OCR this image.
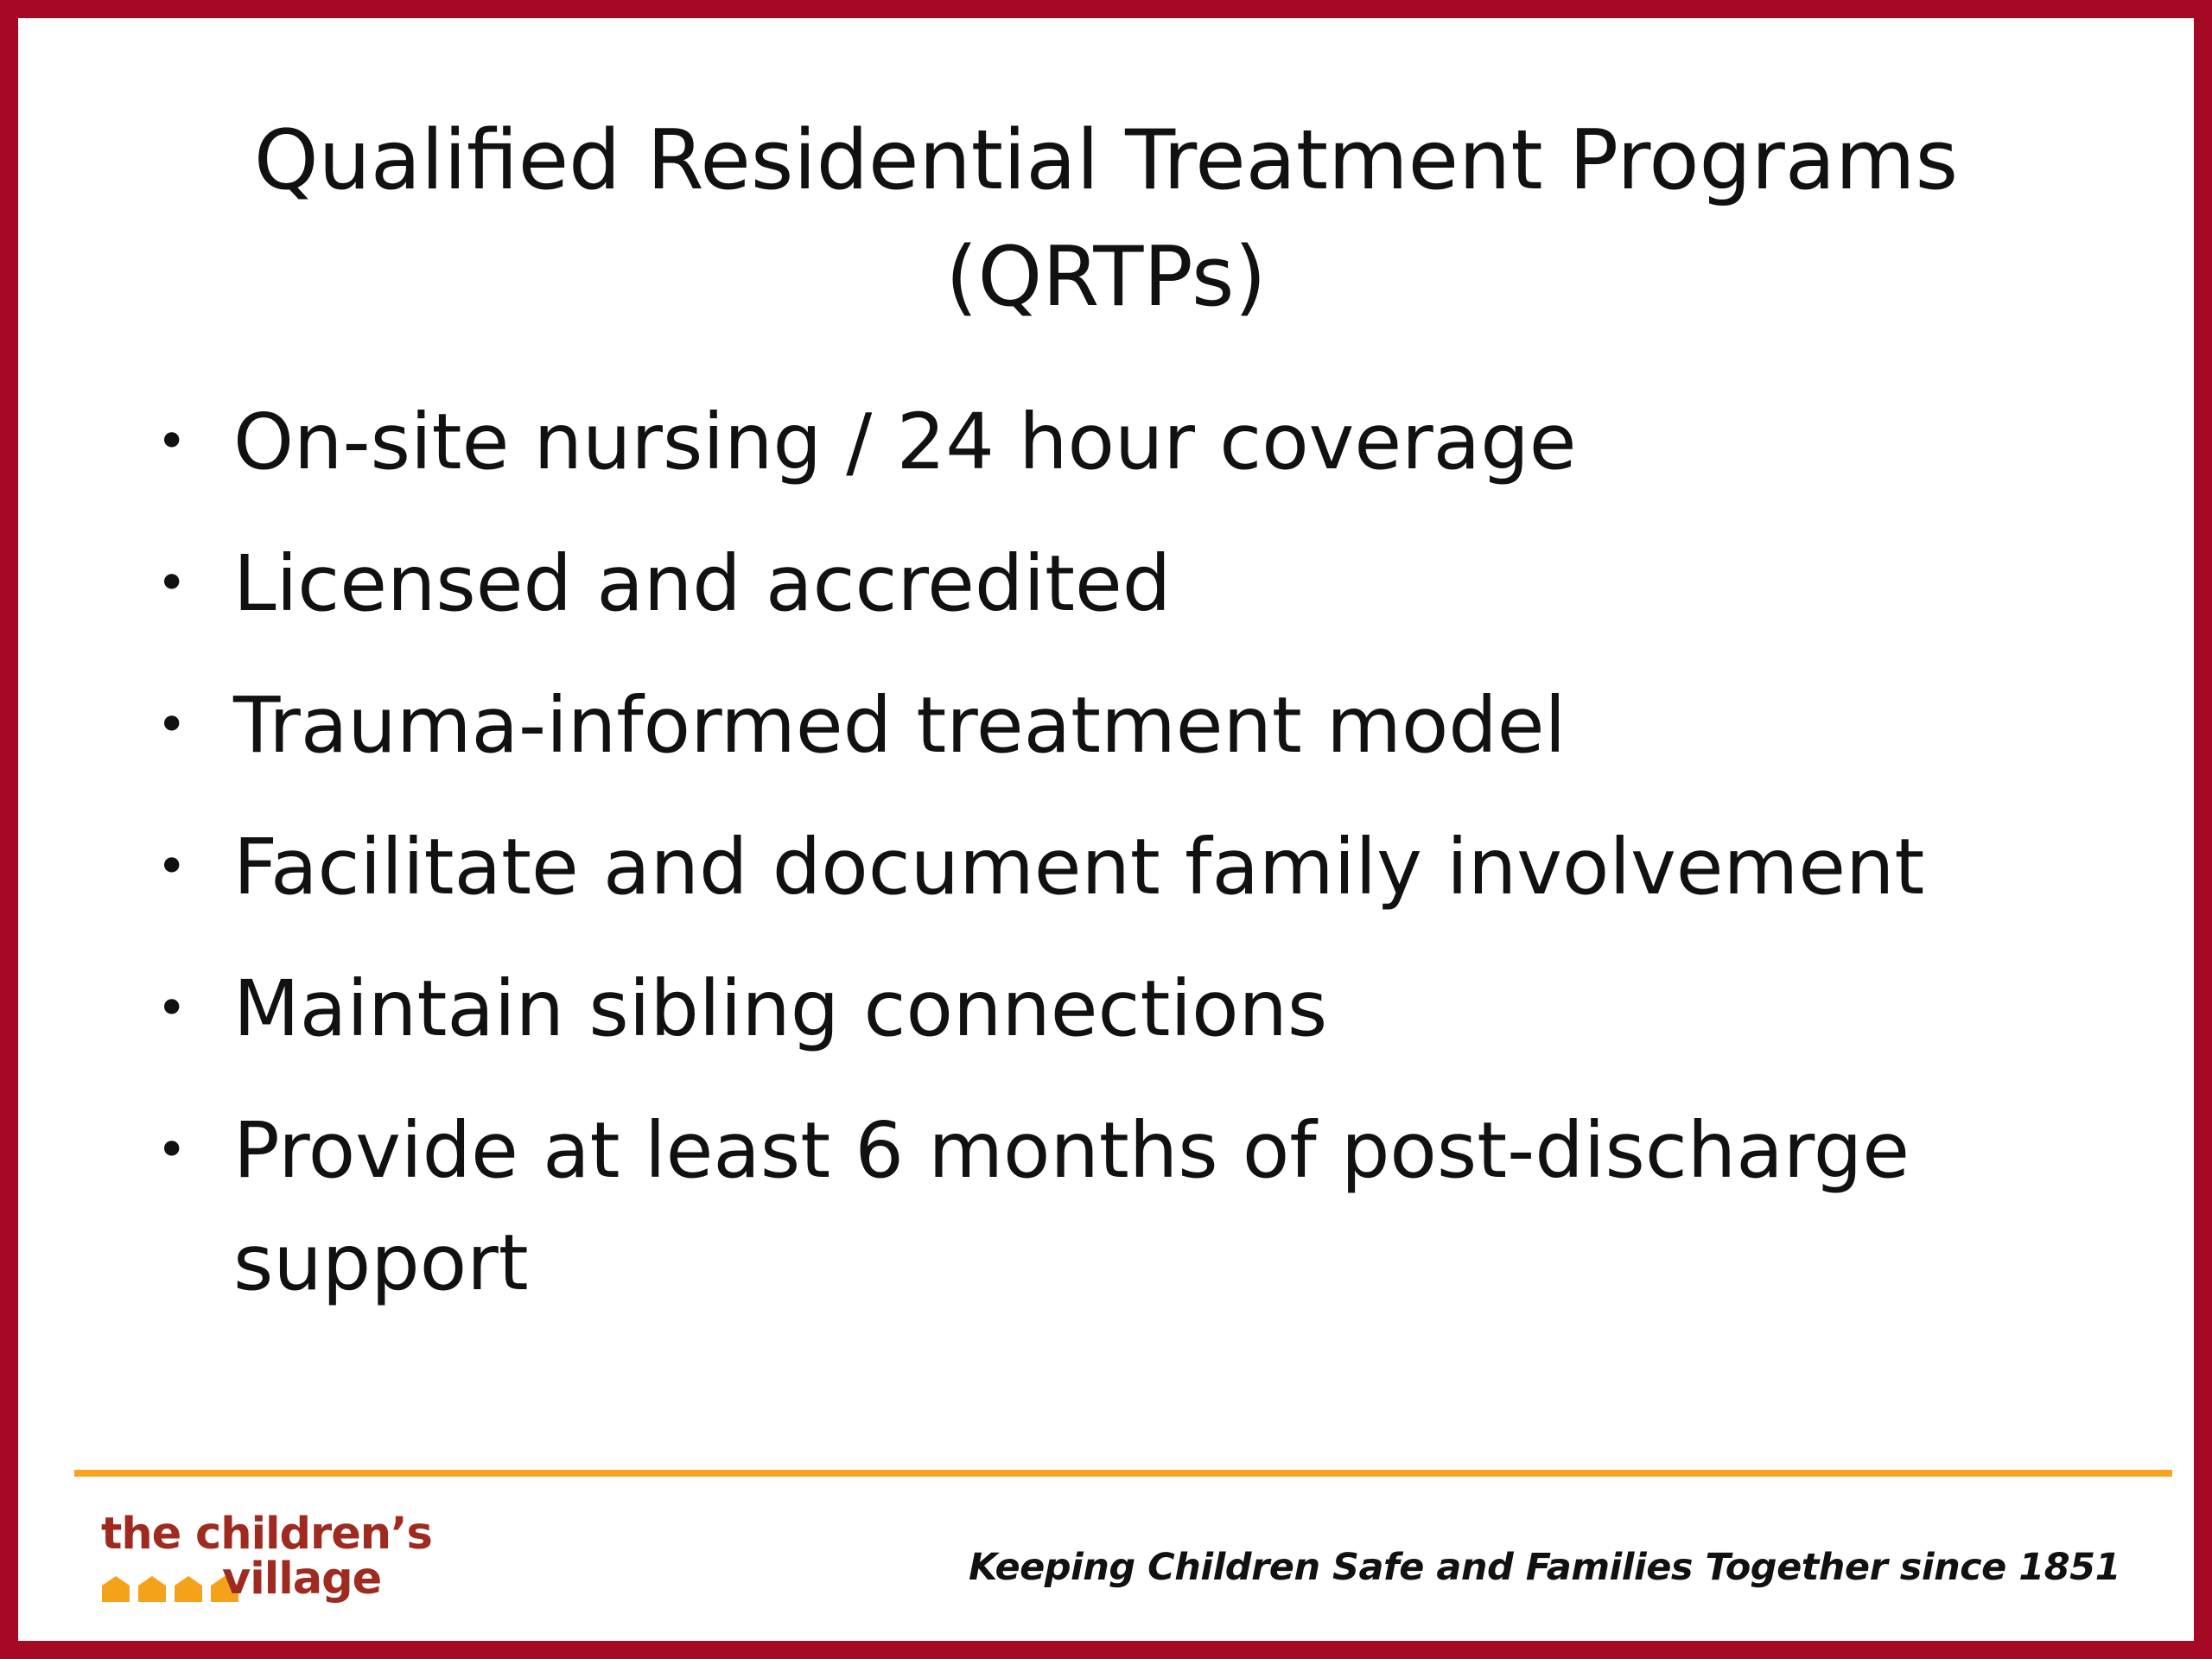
Qualified Residential Treatment Programs
(QRTPs)
• On-site nursing / 24 hour coverage
• Licensed and accredited
• Trauma-informed treatment model
• Facilitate and document family involvement
• Maintain sibling connections
• Provide at least 6 months of post-discharge support
the children’s
village	Keeping Children Safe and Families Together since 1851
